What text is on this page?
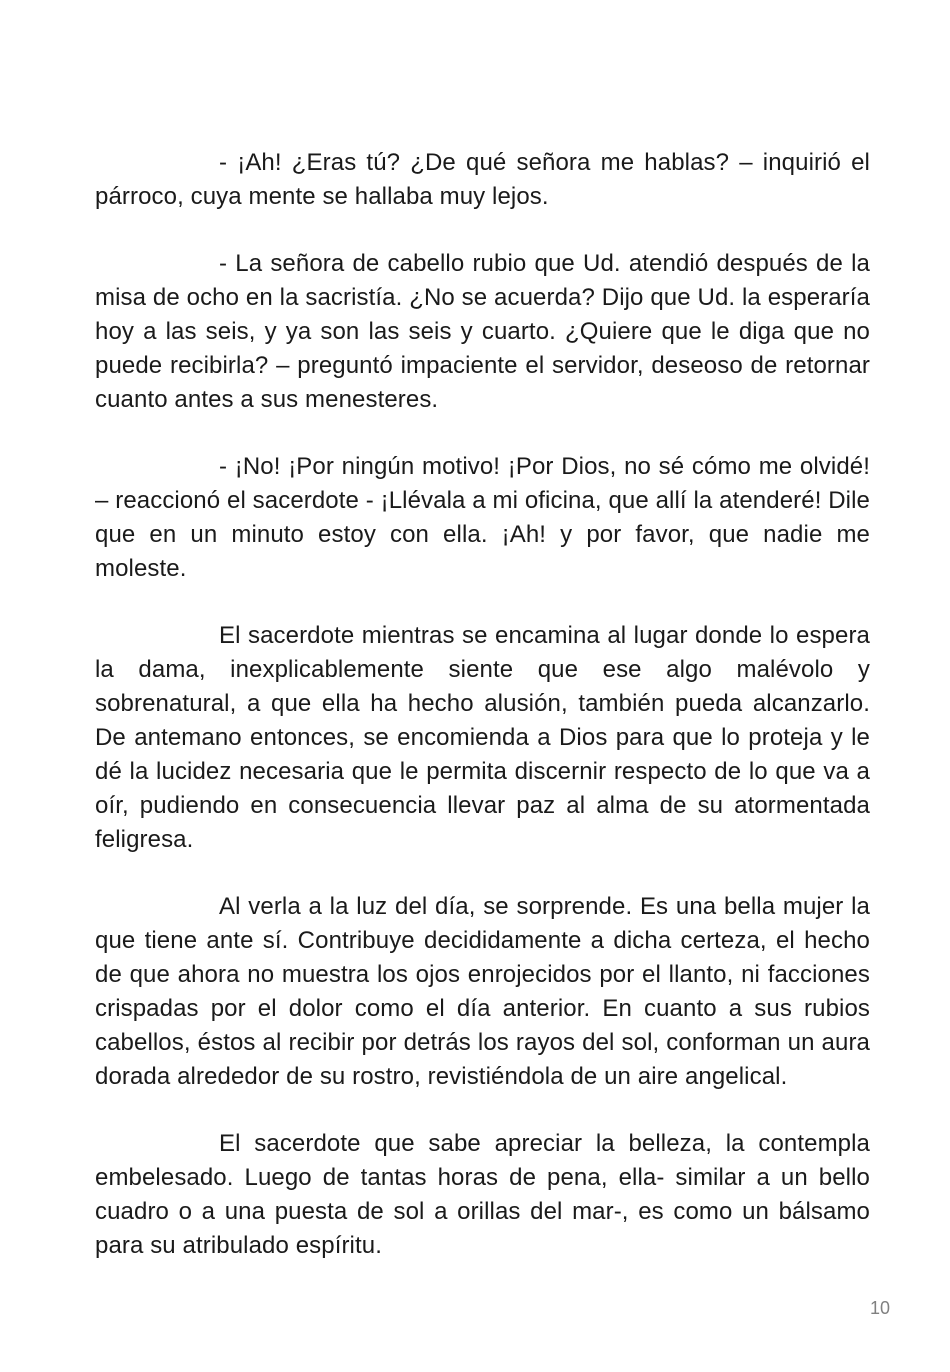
- ¡Ah! ¿Eras tú? ¿De qué señora me hablas? – inquirió el párroco, cuya mente se hallaba muy lejos.

- La señora de cabello rubio que Ud. atendió después de la misa de ocho en la sacristía. ¿No se acuerda? Dijo que Ud. la esperaría hoy a las seis, y ya son las seis y cuarto. ¿Quiere que le diga que no puede recibirla? – preguntó impaciente el servidor, deseoso de retornar cuanto antes a sus menesteres.

- ¡No! ¡Por ningún motivo! ¡Por Dios, no sé cómo me olvidé! – reaccionó el sacerdote - ¡Llévala a mi oficina, que allí la atenderé! Dile que en un minuto estoy con ella. ¡Ah! y por favor, que nadie me moleste.

El sacerdote mientras se encamina al lugar donde lo espera la dama, inexplicablemente siente que ese algo malévolo y sobrenatural, a que ella ha hecho alusión, también pueda alcanzarlo. De antemano entonces, se encomienda a Dios para que lo proteja y le dé la lucidez necesaria que le permita discernir respecto de lo que va a oír, pudiendo en consecuencia llevar paz al alma de su atormentada feligresa.

Al verla a la luz del día, se sorprende. Es una bella mujer la que tiene ante sí. Contribuye decididamente a dicha certeza, el hecho de que ahora no muestra los ojos enrojecidos por el llanto, ni facciones crispadas por el dolor como el día anterior. En cuanto a sus rubios cabellos, éstos al recibir por detrás los rayos del sol, conforman un aura dorada alrededor de su rostro, revistiéndola de un aire angelical.

El sacerdote que sabe apreciar la belleza, la contempla embelesado. Luego de tantas horas de pena, ella- similar a un bello cuadro o a una puesta de sol a orillas del mar-, es como un bálsamo para su atribulado espíritu.

10
